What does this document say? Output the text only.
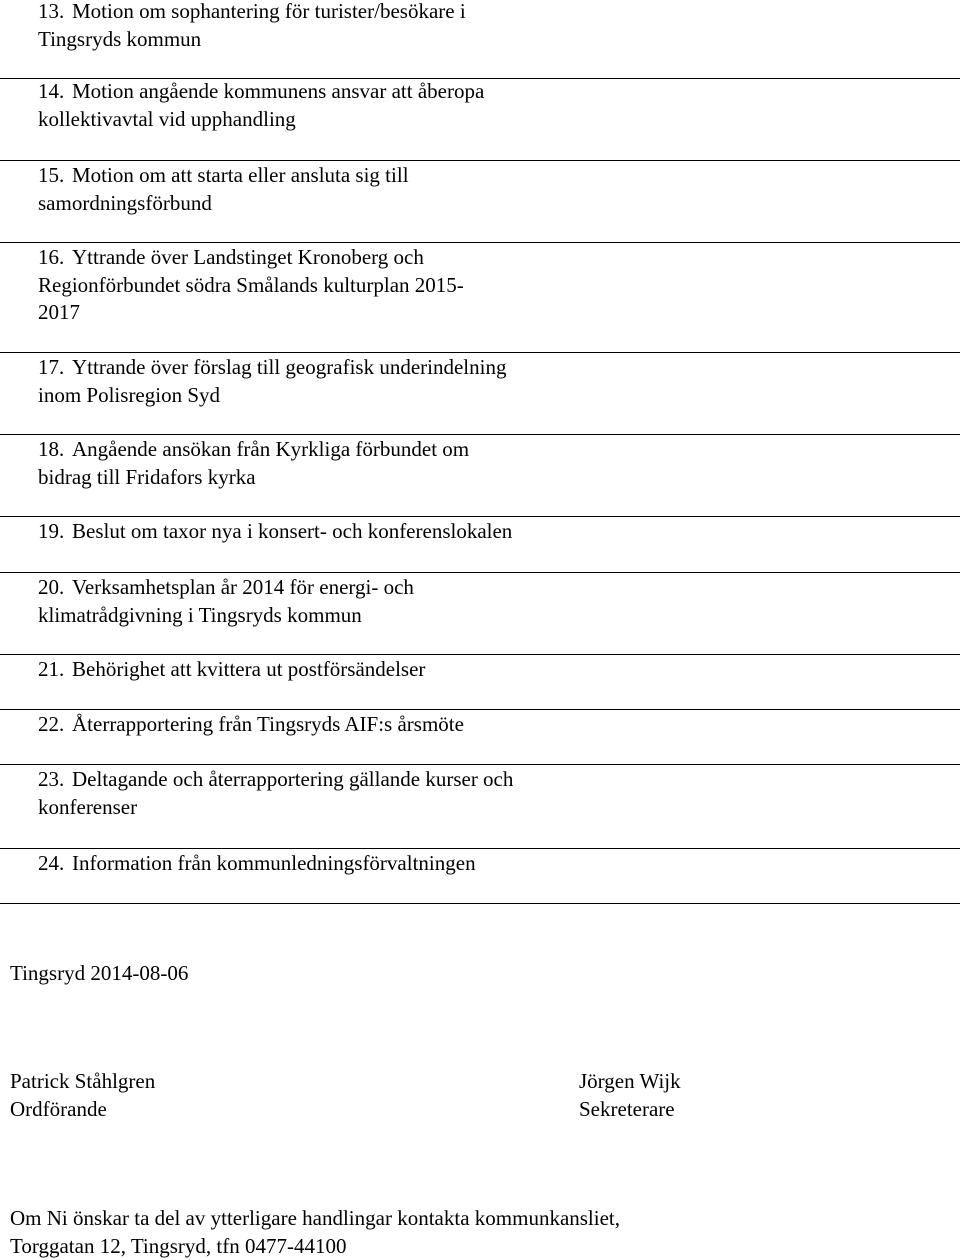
13. Motion om sophantering för turister/besökare i
Tingsryds kommun
14. Motion angående kommunens ansvar att åberopa
kollektivavtal vid upphandling
15. Motion om att starta eller ansluta sig till
samordningsförbund
16. Yttrande över Landstinget Kronoberg och
Regionförbundet södra Smålands kulturplan 2015-
2017
17. Yttrande över förslag till geografisk underindelning
inom Polisregion Syd
18. Angående ansökan från Kyrkliga förbundet om
bidrag till Fridafors kyrka
19. Beslut om taxor nya i konsert- och konferenslokalen
20. Verksamhetsplan år 2014 för energi- och
klimatrådgivning i Tingsryds kommun
21. Behörighet att kvittera ut postförsändelser
22. Återrapportering från Tingsryds AIF:s årsmöte
23. Deltagande och återrapportering gällande kurser och
konferenser
24. Information från kommunledningsförvaltningen

Tingsryd 2014-08-06

Patrick Ståhlgren
Ordförande
Jörgen Wijk
Sekreterare
Om Ni önskar ta del av ytterligare handlingar kontakta kommunkansliet,
Torggatan 12, Tingsryd, tfn 0477-44100
